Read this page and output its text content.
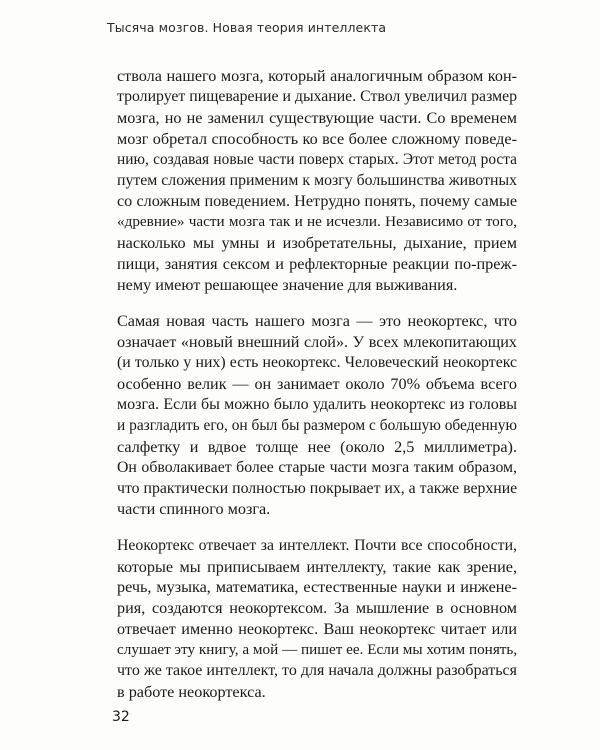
Тысяча мозгов. Новая теория интеллекта

ствола нашего мозга, который аналогичным образом кон-
тролирует пищеварение и дыхание. Ствол увеличил размер
мозга, но не заменил существующие части. Со временем
мозг обретал способность ко все более сложному поведе-
нию, создавая новые части поверх старых. Этот метод роста
путем сложения применим к мозгу большинства животных
со сложным поведением. Нетрудно понять, почему самые
«древние» части мозга так и не исчезли. Независимо от того,
насколько мы умны и изобретательны, дыхание, прием
пищи, занятия сексом и рефлекторные реакции по-преж-
нему имеют решающее значение для выживания.

Самая новая часть нашего мозга — это неокортекс, что
означает «новый внешний слой». У всех млекопитающих
(и только у них) есть неокортекс. Человеческий неокортекс
особенно велик — он занимает около 70% объема всего
мозга. Если бы можно было удалить неокортекс из головы
и разгладить его, он был бы размером с большую обеденную
салфетку и вдвое толще нее (около 2,5 миллиметра).
Он обволакивает более старые части мозга таким образом,
что практически полностью покрывает их, а также верхние
части спинного мозга.

Неокортекс отвечает за интеллект. Почти все способности,
которые мы приписываем интеллекту, такие как зрение,
речь, музыка, математика, естественные науки и инжене-
рия, создаются неокортексом. За мышление в основном
отвечает именно неокортекс. Ваш неокортекс читает или
слушает эту книгу, а мой — пишет ее. Если мы хотим понять,
что же такое интеллект, то для начала должны разобраться
в работе неокортекса.

32
